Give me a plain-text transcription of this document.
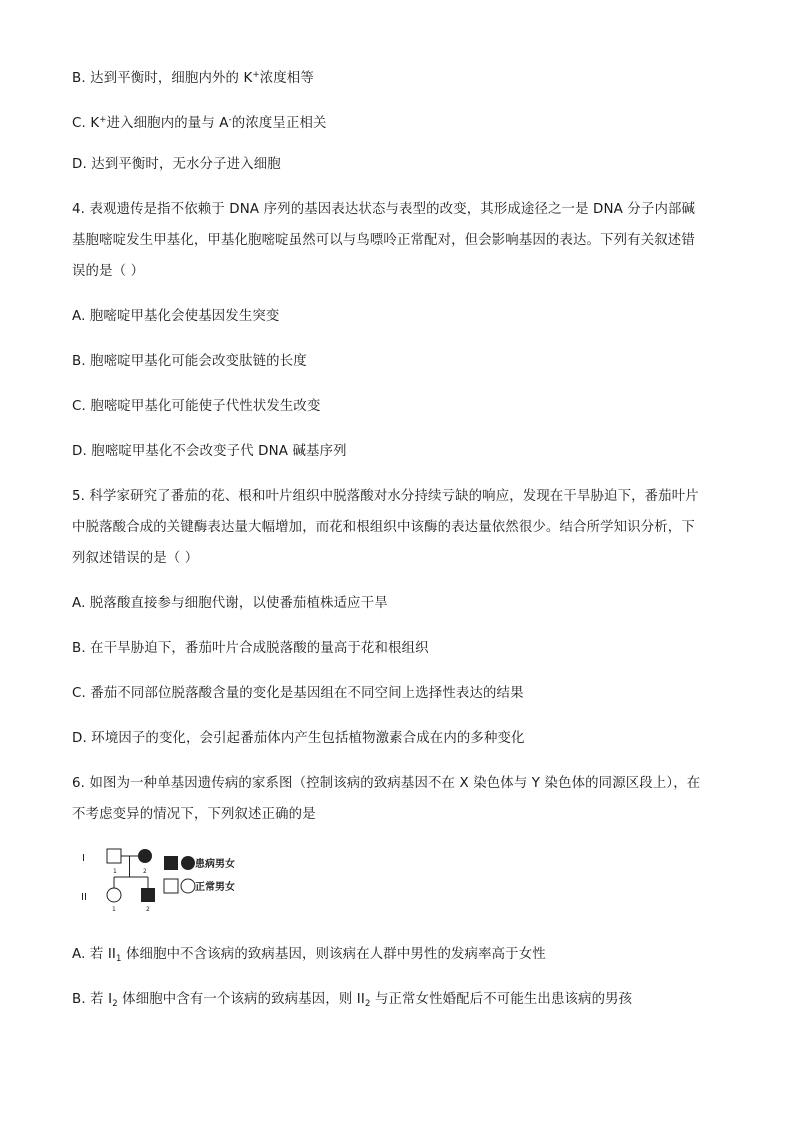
B. 达到平衡时，细胞内外的 K+浓度相等
C. K+进入细胞内的量与 A-的浓度呈正相关
D. 达到平衡时，无水分子进入细胞
4. 表观遗传是指不依赖于 DNA 序列的基因表达状态与表型的改变，其形成途径之一是 DNA 分子内部碱
基胞嘧啶发生甲基化，甲基化胞嘧啶虽然可以与鸟嘌呤正常配对，但会影响基因的表达。下列有关叙述错
误的是（ ）
A. 胞嘧啶甲基化会使基因发生突变
B. 胞嘧啶甲基化可能会改变肽链的长度
C. 胞嘧啶甲基化可能使子代性状发生改变
D. 胞嘧啶甲基化不会改变子代 DNA 碱基序列
5. 科学家研究了番茄的花、根和叶片组织中脱落酸对水分持续亏缺的响应，发现在干旱胁迫下，番茄叶片
中脱落酸合成的关键酶表达量大幅增加，而花和根组织中该酶的表达量依然很少。结合所学知识分析，下
列叙述错误的是（ ）
A. 脱落酸直接参与细胞代谢，以使番茄植株适应干旱
B. 在干旱胁迫下，番茄叶片合成脱落酸的量高于花和根组织
C. 番茄不同部位脱落酸含量的变化是基因组在不同空间上选择性表达的结果
D. 环境因子的变化，会引起番茄体内产生包括植物激素合成在内的多种变化
6. 如图为一种单基因遗传病的家系图（控制该病的致病基因不在 X 染色体与 Y 染色体的同源区段上），在
不考虑变异的情况下，下列叙述正确的是
A. 若 $II_1$ 体细胞中不含该病的致病基因，则该病在人群中男性的发病率高于女性
B. 若 $I_2$ 体细胞中含有一个该病的致病基因，则 $II_2$ 与正常女性婚配后不可能生出患该病的男孩
I
II
1	2
1	2
患病男女
正常男女
